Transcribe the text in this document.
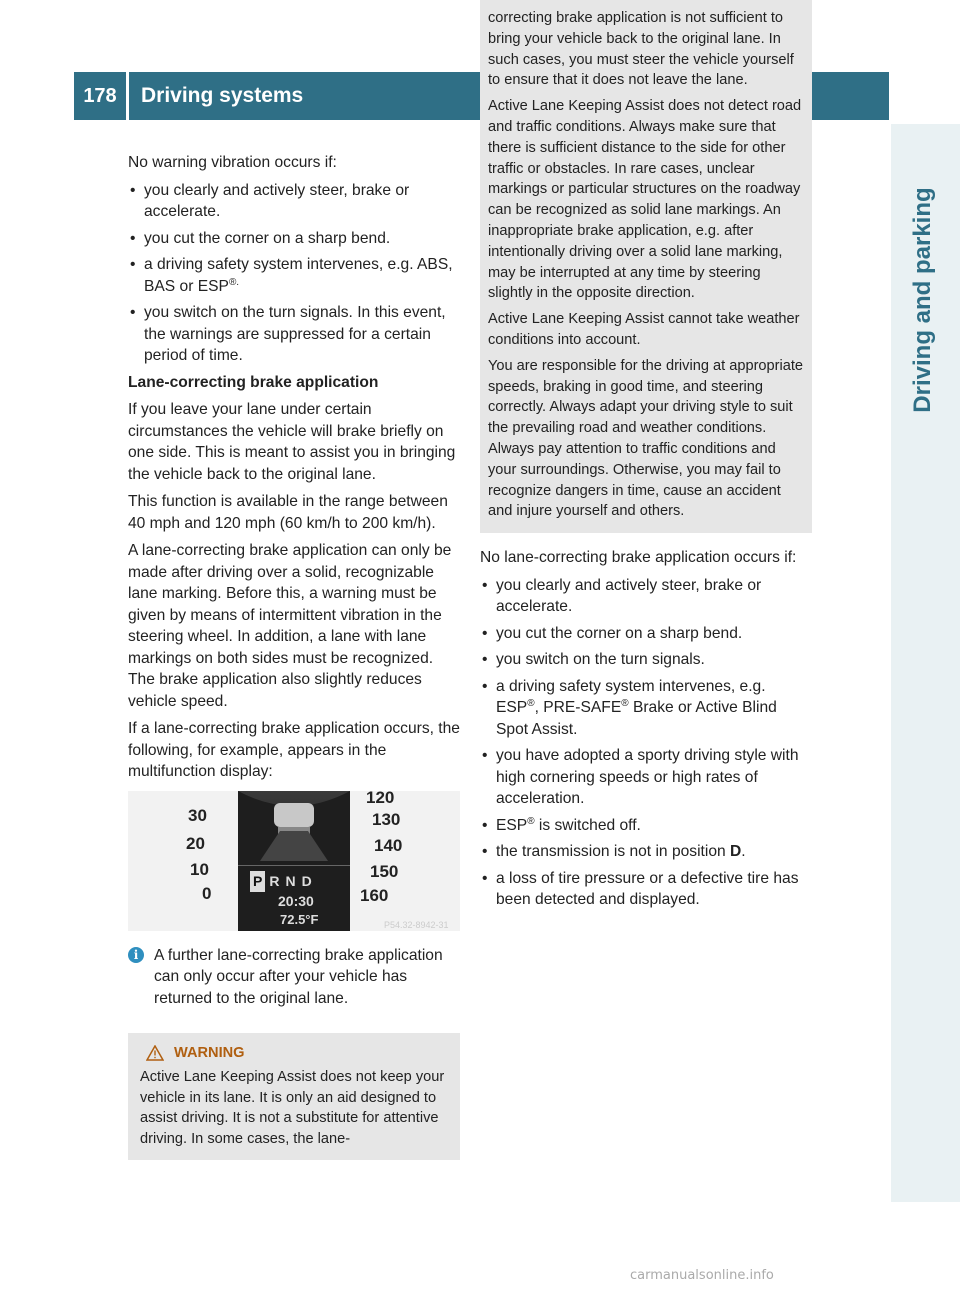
178	Driving systems
Driving and parking

No warning vibration occurs if:

• you clearly and actively steer, brake or accelerate.
• you cut the corner on a sharp bend.
• a driving safety system intervenes, e.g. ABS, BAS or ESP®.
• you switch on the turn signals. In this event, the warnings are suppressed for a certain period of time.

Lane-correcting brake application

If you leave your lane under certain circumstances the vehicle will brake briefly on one side. This is meant to assist you in bringing the vehicle back to the original lane.

This function is available in the range between 40 mph and 120 mph (60 km/h to 200 km/h).

A lane-correcting brake application can only be made after driving over a solid, recognizable lane marking. Before this, a warning must be given by means of intermittent vibration in the steering wheel. In addition, a lane with lane markings on both sides must be recognized. The brake application also slightly reduces vehicle speed.

If a lane-correcting brake application occurs, the following, for example, appears in the multifunction display:

30
20
10
0
120
130
140
150
160
P R N D
20:30
72.5°F	P54.32-8942-31
i	A further lane-correcting brake application can only occur after your vehicle has returned to the original lane.
WARNING

Active Lane Keeping Assist does not keep your vehicle in its lane. It is only an aid designed to assist driving. It is not a substitute for attentive driving. In some cases, the lane-

correcting brake application is not sufficient to bring your vehicle back to the original lane. In such cases, you must steer the vehicle yourself to ensure that it does not leave the lane.

Active Lane Keeping Assist does not detect road and traffic conditions. Always make sure that there is sufficient distance to the side for other traffic or obstacles. In rare cases, unclear markings or particular structures on the roadway can be recognized as solid lane markings. An inappropriate brake application, e.g. after intentionally driving over a solid lane marking, may be interrupted at any time by steering slightly in the opposite direction.

Active Lane Keeping Assist cannot take weather conditions into account.

You are responsible for the driving at appropriate speeds, braking in good time, and steering correctly. Always adapt your driving style to suit the prevailing road and weather conditions. Always pay attention to traffic conditions and your surroundings. Otherwise, you may fail to recognize dangers in time, cause an accident and injure yourself and others.

No lane-correcting brake application occurs if:

• you clearly and actively steer, brake or accelerate.
• you cut the corner on a sharp bend.
• you switch on the turn signals.
• a driving safety system intervenes, e.g. ESP®, PRE-SAFE® Brake or Active Blind Spot Assist.
• you have adopted a sporty driving style with high cornering speeds or high rates of acceleration.
• ESP® is switched off.
• the transmission is not in position D.
• a loss of tire pressure or a defective tire has been detected and displayed.
carmanualsonline.info
